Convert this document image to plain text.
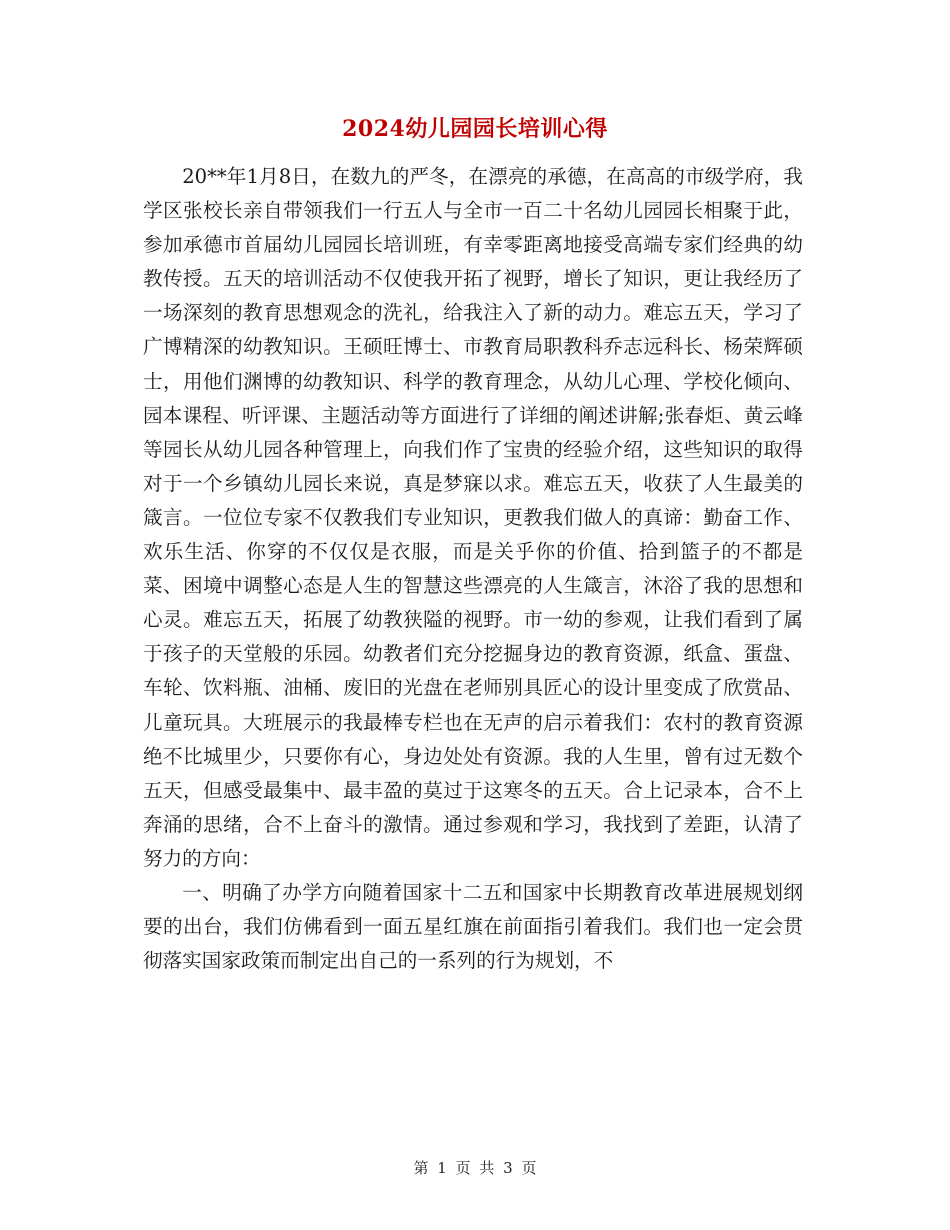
2024幼儿园园长培训心得

20**年1月8日，在数九的严冬，在漂亮的承德，在高高的市级学府，我学区张校长亲自带领我们一行五人与全市一百二十名幼儿园园长相聚于此，参加承德市首届幼儿园园长培训班，有幸零距离地接受高端专家们经典的幼教传授。五天的培训活动不仅使我开拓了视野，增长了知识，更让我经历了一场深刻的教育思想观念的洗礼，给我注入了新的动力。难忘五天，学习了广博精深的幼教知识。王硕旺博士、市教育局职教科乔志远科长、杨荣辉硕士，用他们渊博的幼教知识、科学的教育理念，从幼儿心理、学校化倾向、园本课程、听评课、主题活动等方面进行了详细的阐述讲解;张春炬、黄云峰等园长从幼儿园各种管理上，向我们作了宝贵的经验介绍，这些知识的取得对于一个乡镇幼儿园长来说，真是梦寐以求。难忘五天，收获了人生最美的箴言。一位位专家不仅教我们专业知识，更教我们做人的真谛：勤奋工作、欢乐生活、你穿的不仅仅是衣服，而是关乎你的价值、拾到篮子的不都是菜、困境中调整心态是人生的智慧这些漂亮的人生箴言，沐浴了我的思想和心灵。难忘五天，拓展了幼教狭隘的视野。市一幼的参观，让我们看到了属于孩子的天堂般的乐园。幼教者们充分挖掘身边的教育资源，纸盒、蛋盘、车轮、饮料瓶、油桶、废旧的光盘在老师别具匠心的设计里变成了欣赏品、儿童玩具。大班展示的我最棒专栏也在无声的启示着我们：农村的教育资源绝不比城里少，只要你有心，身边处处有资源。我的人生里，曾有过无数个五天，但感受最集中、最丰盈的莫过于这寒冬的五天。合上记录本，合不上奔涌的思绪，合不上奋斗的激情。通过参观和学习，我找到了差距，认清了努力的方向：

一、明确了办学方向随着国家十二五和国家中长期教育改革进展规划纲要的出台，我们仿佛看到一面五星红旗在前面指引着我们。我们也一定会贯彻落实国家政策而制定出自己的一系列的行为规划，不

第 1 页 共 3 页
